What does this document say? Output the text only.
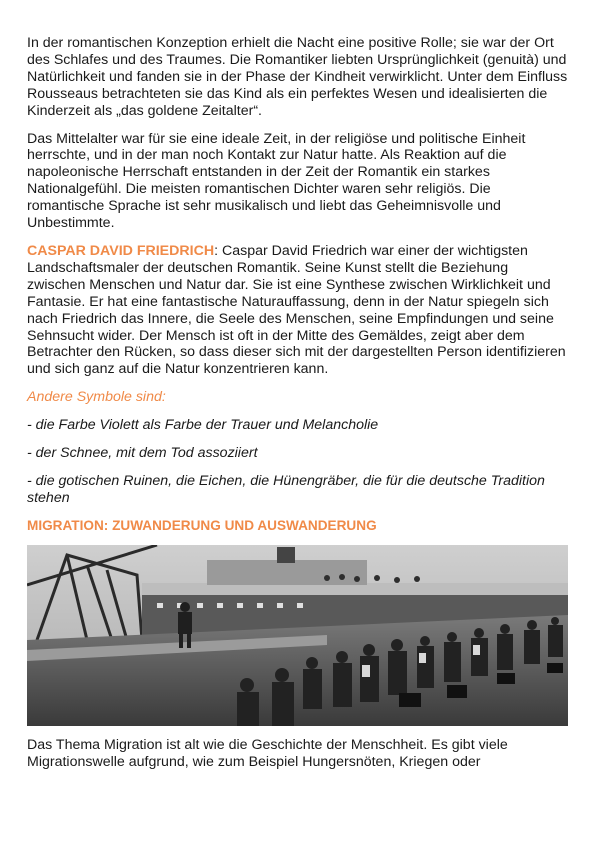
In der romantischen Konzeption erhielt die Nacht eine positive Rolle; sie war der Ort des Schlafes und des Traumes. Die Romantiker liebten Ursprünglichkeit (genuità) und Natürlichkeit und fanden sie in der Phase der Kindheit verwirklicht. Unter dem Einfluss Rousseaus betrachteten sie das Kind als ein perfektes Wesen und idealisierten die Kinderzeit als „das goldene Zeitalter“.

Das Mittelalter war für sie eine ideale Zeit, in der religiöse und politische Einheit herrschte, und in der man noch Kontakt zur Natur hatte. Als Reaktion auf die napoleonische Herrschaft entstanden in der Zeit der Romantik ein starkes Nationalgefühl. Die meisten romantischen Dichter waren sehr religiös. Die romantische Sprache ist sehr musikalisch und liebt das Geheimnisvolle und Unbestimmte.

CASPAR DAVID FRIEDRICH: Caspar David Friedrich war einer der wichtigsten Landschaftsmaler der deutschen Romantik. Seine Kunst stellt die Beziehung zwischen Menschen und Natur dar. Sie ist eine Synthese zwischen Wirklichkeit und Fantasie. Er hat eine fantastische Naturauffassung, denn in der Natur spiegeln sich nach Friedrich das Innere, die Seele des Menschen, seine Empfindungen und seine Sehnsucht wider. Der Mensch ist oft in der Mitte des Gemäldes, zeigt aber dem Betrachter den Rücken, so dass dieser sich mit der dargestellten Person identifizieren und sich ganz auf die Natur konzentrieren kann.

Andere Symbole sind:

- die Farbe Violett als Farbe der Trauer und Melancholie

- der Schnee, mit dem Tod assoziiert

- die gotischen Ruinen, die Eichen, die Hünengräber, die für die deutsche Tradition stehen

MIGRATION: ZUWANDERUNG UND AUSWANDERUNG

Das Thema Migration ist alt wie die Geschichte der Menschheit. Es gibt viele Migrationswelle aufgrund, wie zum Beispiel Hungersnöten, Kriegen oder
